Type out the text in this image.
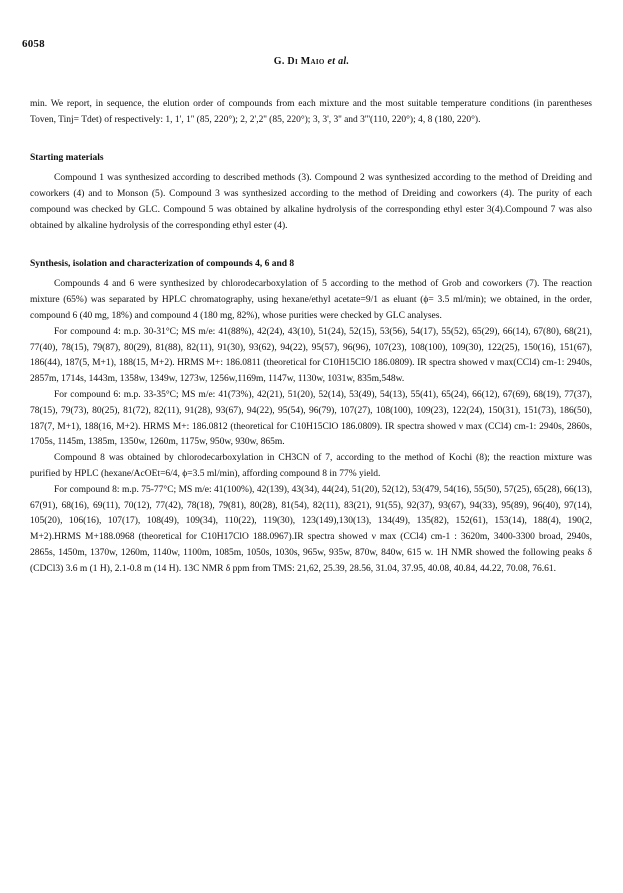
6058
G. Di Maio et al.

min. We report, in sequence, the elution order of compounds from each mixture and the most suitable temperature conditions (in parentheses Toven, Tinj= Tdet) of respectively: 1, 1', 1'' (85, 220°); 2, 2',2'' (85, 220°); 3, 3', 3'' and 3'''(110, 220°); 4, 8 (180, 220°).

Starting materials

Compound 1 was synthesized according to described methods (3). Compound 2 was synthesized according to the method of Dreiding and coworkers (4) and to Monson (5). Compound 3 was synthesized according to the method of Dreiding and coworkers (4). The purity of each compound was checked by GLC. Compound 5 was obtained by alkaline hydrolysis of the corresponding ethyl ester 3(4).Compound 7 was also obtained by alkaline hydrolysis of the corresponding ethyl ester (4).

Synthesis, isolation and characterization of compounds 4, 6 and 8

Compounds 4 and 6 were synthesized by chlorodecarboxylation of 5 according to the method of Grob and coworkers (7). The reaction mixture (65%) was separated by HPLC chromatography, using hexane/ethyl acetate=9/1 as eluant (ϕ= 3.5 ml/min); we obtained, in the order, compound 6 (40 mg, 18%) and compound 4 (180 mg, 82%), whose purities were checked by GLC analyses.

For compound 4: m.p. 30-31°C; MS m/e: 41(88%), 42(24), 43(10), 51(24), 52(15), 53(56), 54(17), 55(52), 65(29), 66(14), 67(80), 68(21), 77(40), 78(15), 79(87), 80(29), 81(88), 82(11), 91(30), 93(62), 94(22), 95(57), 96(96), 107(23), 108(100), 109(30), 122(25), 150(16), 151(67), 186(44), 187(5, M+1), 188(15, M+2). HRMS M+: 186.0811 (theoretical for C10H15ClO 186.0809). IR spectra showed ν max(CCl4) cm-1: 2940s, 2857m, 1714s, 1443m, 1358w, 1349w, 1273w, 1256w,1169m, 1147w, 1130w, 1031w, 835m,548w.

For compound 6: m.p. 33-35°C; MS m/e: 41(73%), 42(21), 51(20), 52(14), 53(49), 54(13), 55(41), 65(24), 66(12), 67(69), 68(19), 77(37), 78(15), 79(73), 80(25), 81(72), 82(11), 91(28), 93(67), 94(22), 95(54), 96(79), 107(27), 108(100), 109(23), 122(24), 150(31), 151(73), 186(50), 187(7, M+1), 188(16, M+2). HRMS M+: 186.0812 (theoretical for C10H15ClO 186.0809). IR spectra showed ν max (CCl4) cm-1: 2940s, 2860s, 1705s, 1145m, 1385m, 1350w, 1260m, 1175w, 950w, 930w, 865m.

Compound 8 was obtained by chlorodecarboxylation in CH3CN of 7, according to the method of Kochi (8); the reaction mixture was purified by HPLC (hexane/AcOEt=6/4, ϕ=3.5 ml/min), affording compound 8 in 77% yield.

For compound 8: m.p. 75-77°C; MS m/e: 41(100%), 42(139), 43(34), 44(24), 51(20), 52(12), 53(479, 54(16), 55(50), 57(25), 65(28), 66(13), 67(91), 68(16), 69(11), 70(12), 77(42), 78(18), 79(81), 80(28), 81(54), 82(11), 83(21), 91(55), 92(37), 93(67), 94(33), 95(89), 96(40), 97(14), 105(20), 106(16), 107(17), 108(49), 109(34), 110(22), 119(30), 123(149),130(13), 134(49), 135(82), 152(61), 153(14), 188(4), 190(2, M+2).HRMS M+188.0968 (theoretical for C10H17ClO 188.0967).IR spectra showed ν max (CCl4) cm-1 : 3620m, 3400-3300 broad, 2940s, 2865s, 1450m, 1370w, 1260m, 1140w, 1100m, 1085m, 1050s, 1030s, 965w, 935w, 870w, 840w, 615 w. 1H NMR showed the following peaks δ (CDCl3) 3.6 m (1 H), 2.1-0.8 m (14 H). 13C NMR δ ppm from TMS: 21,62, 25.39, 28.56, 31.04, 37.95, 40.08, 40.84, 44.22, 70.08, 76.61.
